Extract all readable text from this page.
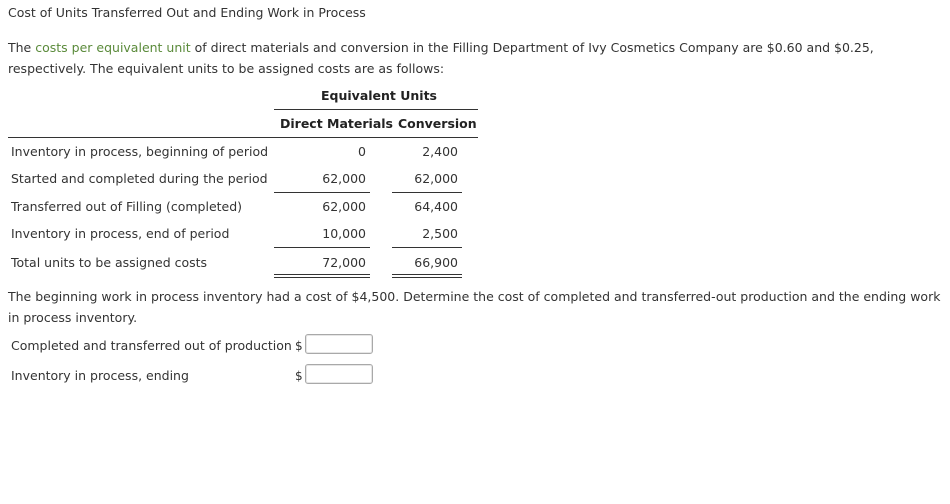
Cost of Units Transferred Out and Ending Work in Process
The costs per equivalent unit of direct materials and conversion in the Filling Department of Ivy Cosmetics Company are $0.60 and $0.25, respectively. The equivalent units to be assigned costs are as follows:
Equivalent Units
Direct Materials Conversion
Inventory in process, beginning of period	0	2,400
Started and completed during the period	62,000	62,000
Transferred out of Filling (completed)	62,000	64,400
Inventory in process, end of period	10,000	2,500
Total units to be assigned costs	72,000	66,900
The beginning work in process inventory had a cost of $4,500. Determine the cost of completed and transferred-out production and the ending work in process inventory.
Completed and transferred out of production $
Inventory in process, ending	$
